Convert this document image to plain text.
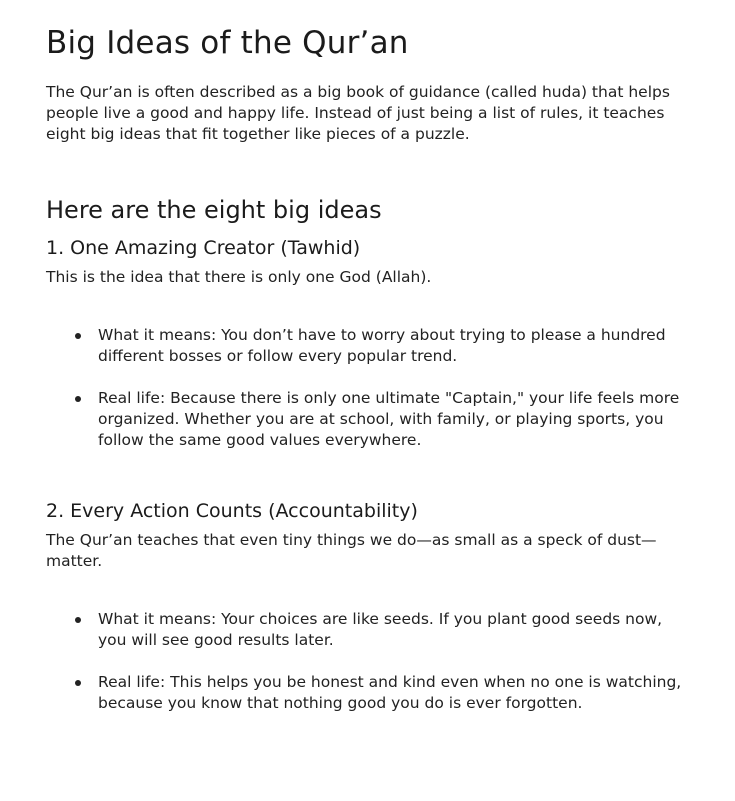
Big Ideas of the Qur’an

The Qur’an is often described as a big book of guidance (called huda) that helps people live a good and happy life. Instead of just being a list of rules, it teaches eight big ideas that fit together like pieces of a puzzle.

Here are the eight big ideas
1. One Amazing Creator (Tawhid)

This is the idea that there is only one God (Allah).

What it means: You don’t have to worry about trying to please a hundred different bosses or follow every popular trend.
Real life: Because there is only one ultimate "Captain," your life feels more organized. Whether you are at school, with family, or playing sports, you follow the same good values everywhere.
2. Every Action Counts (Accountability)

The Qur’an teaches that even tiny things we do—as small as a speck of dust—matter.

What it means: Your choices are like seeds. If you plant good seeds now, you will see good results later.
Real life: This helps you be honest and kind even when no one is watching, because you know that nothing good you do is ever forgotten.
